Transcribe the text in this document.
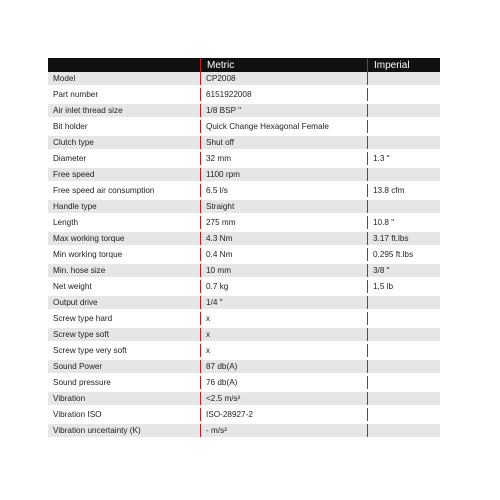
	Metric	Imperial
Model	CP2008	
Part number	6151922008	
Air inlet thread size	1/8 BSP "	
Bit holder	Quick Change Hexagonal Female	
Clutch type	Shut off	
Diameter	32 mm	1.3 "
Free speed	1100 rpm	
Free speed air consumption	6.5 l/s	13.8 cfm
Handle type	Straight	
Length	275 mm	10.8 "
Max working torque	4.3 Nm	3.17 ft.lbs
Min working torque	0.4 Nm	0.295 ft.lbs
Min. hose size	10 mm	3/8 "
Net weight	0.7 kg	1,5 lb
Output drive	1/4 "	
Screw type hard	x	
Screw type soft	x	
Screw type very soft	x	
Sound Power	87 db(A)	
Sound pressure	76 db(A)	
Vibration	<2.5 m/s²	
Vibration ISO	ISO-28927-2	
Vibration uncertainty (K)	- m/s²	
